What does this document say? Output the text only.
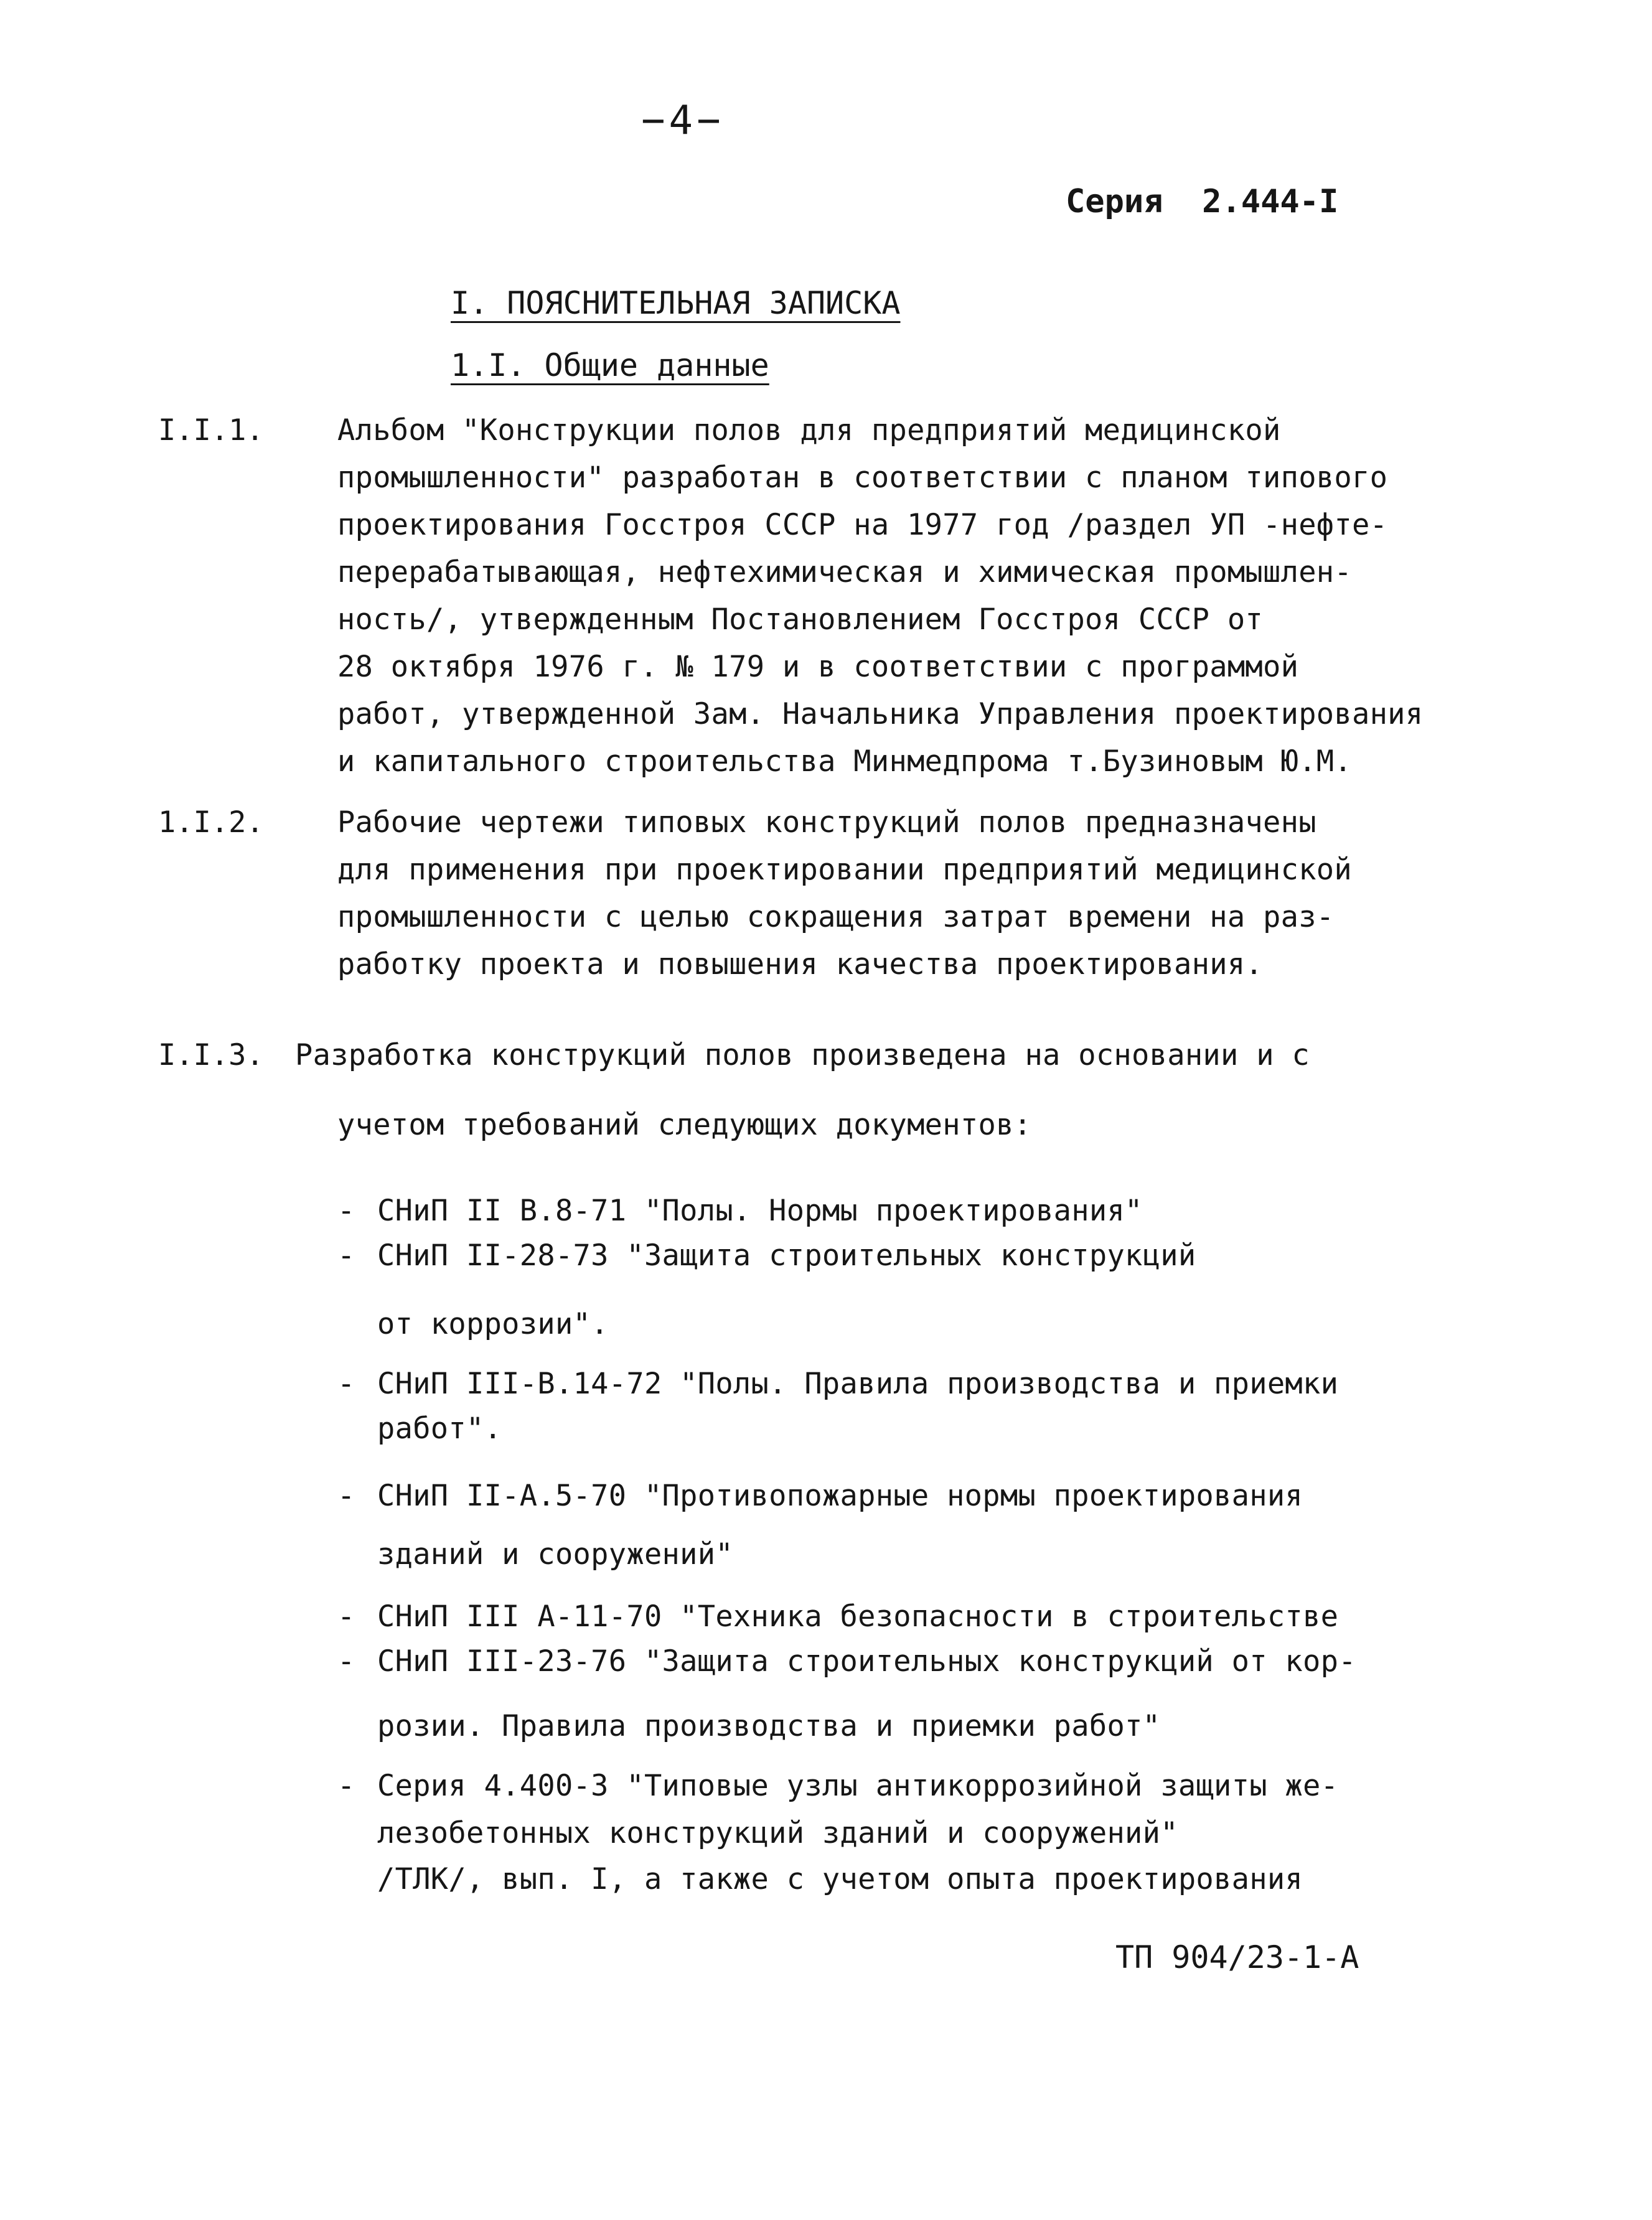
−4−
Серия  2.444-I
I. ПОЯСНИТЕЛЬНАЯ ЗАПИСКА
1.I. Общие данные
I.I.1.	Альбом "Конструкции полов для предприятий медицинской
промышленности" разработан в соответствии с планом типового
проектирования Госстроя СССР на 1977 год /раздел УП -нефте-
перерабатывающая, нефтехимическая и химическая промышлен-
ность/, утвержденным Постановлением Госстроя СССР от
28 октября 1976 г. № 179 и в соответствии с программой
работ, утвержденной Зам. Начальника Управления проектирования
и капитального строительства Минмедпрома т.Бузиновым Ю.М.
1.I.2.	Рабочие чертежи типовых конструкций полов предназначены
для применения при проектировании предприятий медицинской
промышленности с целью сокращения затрат времени на раз-
работку проекта и повышения качества проектирования.
I.I.3. Разработка конструкций полов произведена на основании и с
учетом требований следующих документов:
- СНиП II В.8-71 "Полы. Нормы проектирования"
- СНиП II-28-73 "Защита строительных конструкций
от коррозии".
- СНиП III-В.14-72 "Полы. Правила производства и приемки
работ".
- СНиП II-А.5-70 "Противопожарные нормы проектирования
зданий и сооружений"
- СНиП III А-11-70 "Техника безопасности в строительстве
- СНиП III-23-76 "Защита строительных конструкций от кор-
розии. Правила производства и приемки работ"
- Серия 4.400-3 "Типовые узлы антикоррозийной защиты же-
лезобетонных конструкций зданий и сооружений"
/ТЛК/, вып. I, а также с учетом опыта проектирования
ТП 904/23-1-А
